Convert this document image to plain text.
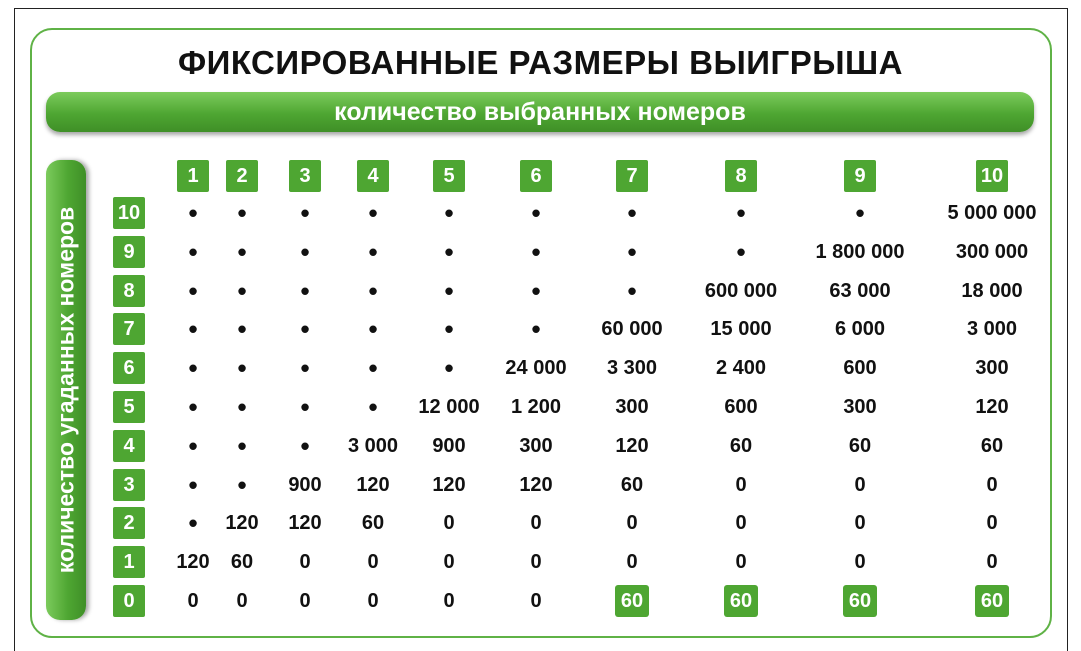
ФИКСИРОВАННЫЕ РАЗМЕРЫ ВЫИГРЫША
количество выбранных номеров
количество угаданных номеров
1	2	3	4	5	6	7	8	9	10
10	•	•	•	•	•	•	•	•	•	5 000 000
9	•	•	•	•	•	•	•	•	1 800 000	300 000
8	•	•	•	•	•	•	•	600 000	63 000	18 000
7	•	•	•	•	•	•	60 000	15 000	6 000	3 000
6	•	•	•	•	•	24 000	3 300	2 400	600	300
5	•	•	•	•	12 000	1 200	300	600	300	120
4	•	•	•	3 000	900	300	120	60	60	60
3	•	•	900	120	120	120	60	0	0	0
2	•	120	120	60	0	0	0	0	0	0
1	120	60	0	0	0	0	0	0	0	0
0	0	0	0	0	0	0	60	60	60	60
